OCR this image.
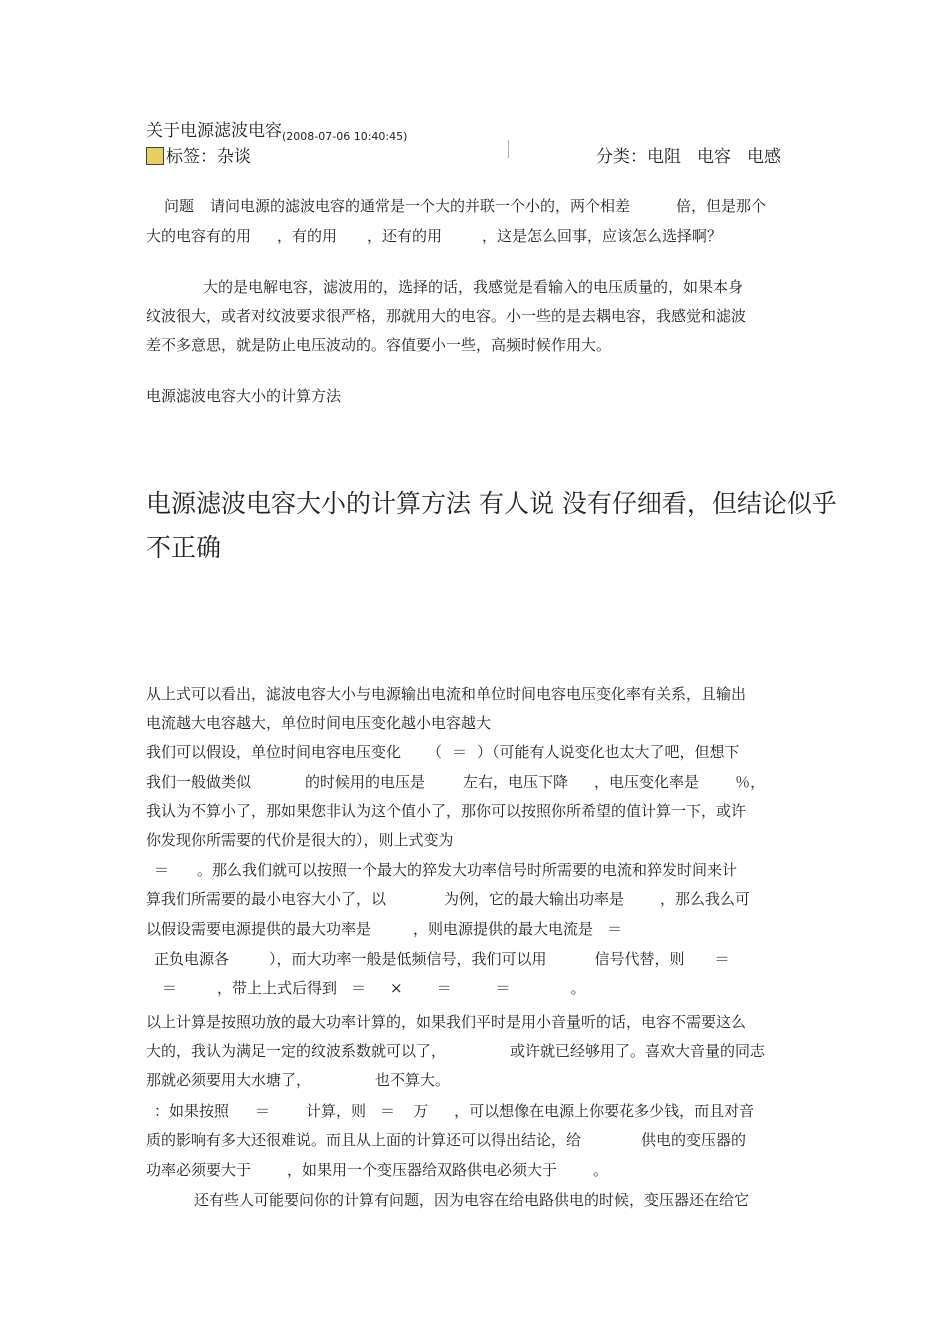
关于电源滤波电容$_{(2008-07-06 10:40:45)}$
标签：杂谈	分类：电阻 电容 电感
问题 请问电源的滤波电容的通常是一个大的并联一个小的，两个相差	倍，但是那个
大的电容有的用 ，有的用 ，还有的用	，这是怎么回事，应该怎么选择啊？
大的是电解电容，滤波用的，选择的话，我感觉是看输入的电压质量的，如果本身
纹波很大，或者对纹波要求很严格，那就用大的电容。小一些的是去耦电容，我感觉和滤波
差不多意思，就是防止电压波动的。容值要小一些，高频时候作用大。
电源滤波电容大小的计算方法
电源滤波电容大小的计算方法 有人说 没有仔细看，但结论似乎
不正确
从上式可以看出，滤波电容大小与电源输出电流和单位时间电容电压变化率有关系，且输出
电流越大电容越大，单位时间电压变化越小电容越大
我们可以假设，单位时间电容电压变化 （ ＝ ）（可能有人说变化也太大了吧，但想下
我们一般做类似	的时候用的电压是	左右，电压下降 ，电压变化率是 ％，
我认为不算小了，那如果您非认为这个值小了，那你可以按照你所希望的值计算一下，或许
你发现你所需要的代价是很大的），则上式变为
＝ 。那么我们就可以按照一个最大的猝发大功率信号时所需要的电流和猝发时间来计
算我们所需要的最小电容大小了，以	为例，它的最大输出功率是 ，那么我么可
以假设需要电源提供的最大功率是	，则电源提供的最大电流是 ＝
正负电源各	），而大功率一般是低频信号，我们可以用	信号代替，则 ＝
＝	，带上上式后得到 ＝ × ＝	＝	。
以上计算是按照功放的最大功率计算的，如果我们平时是用小音量听的话，电容不需要这么
大的，我认为满足一定的纹波系数就可以了，	或许就已经够用了。喜欢大音量的同志
那就必须要用大水塘了，	也不算大。
：如果按照 ＝ 计算，则 ＝ 万 ，可以想像在电源上你要花多少钱，而且对音
质的影响有多大还很难说。而且从上面的计算还可以得出结论，给	供电的变压器的
功率必须要大于 ，如果用一个变压器给双路供电必须大于 。
还有些人可能要问你的计算有问题，因为电容在给电路供电的时候，变压器还在给它
